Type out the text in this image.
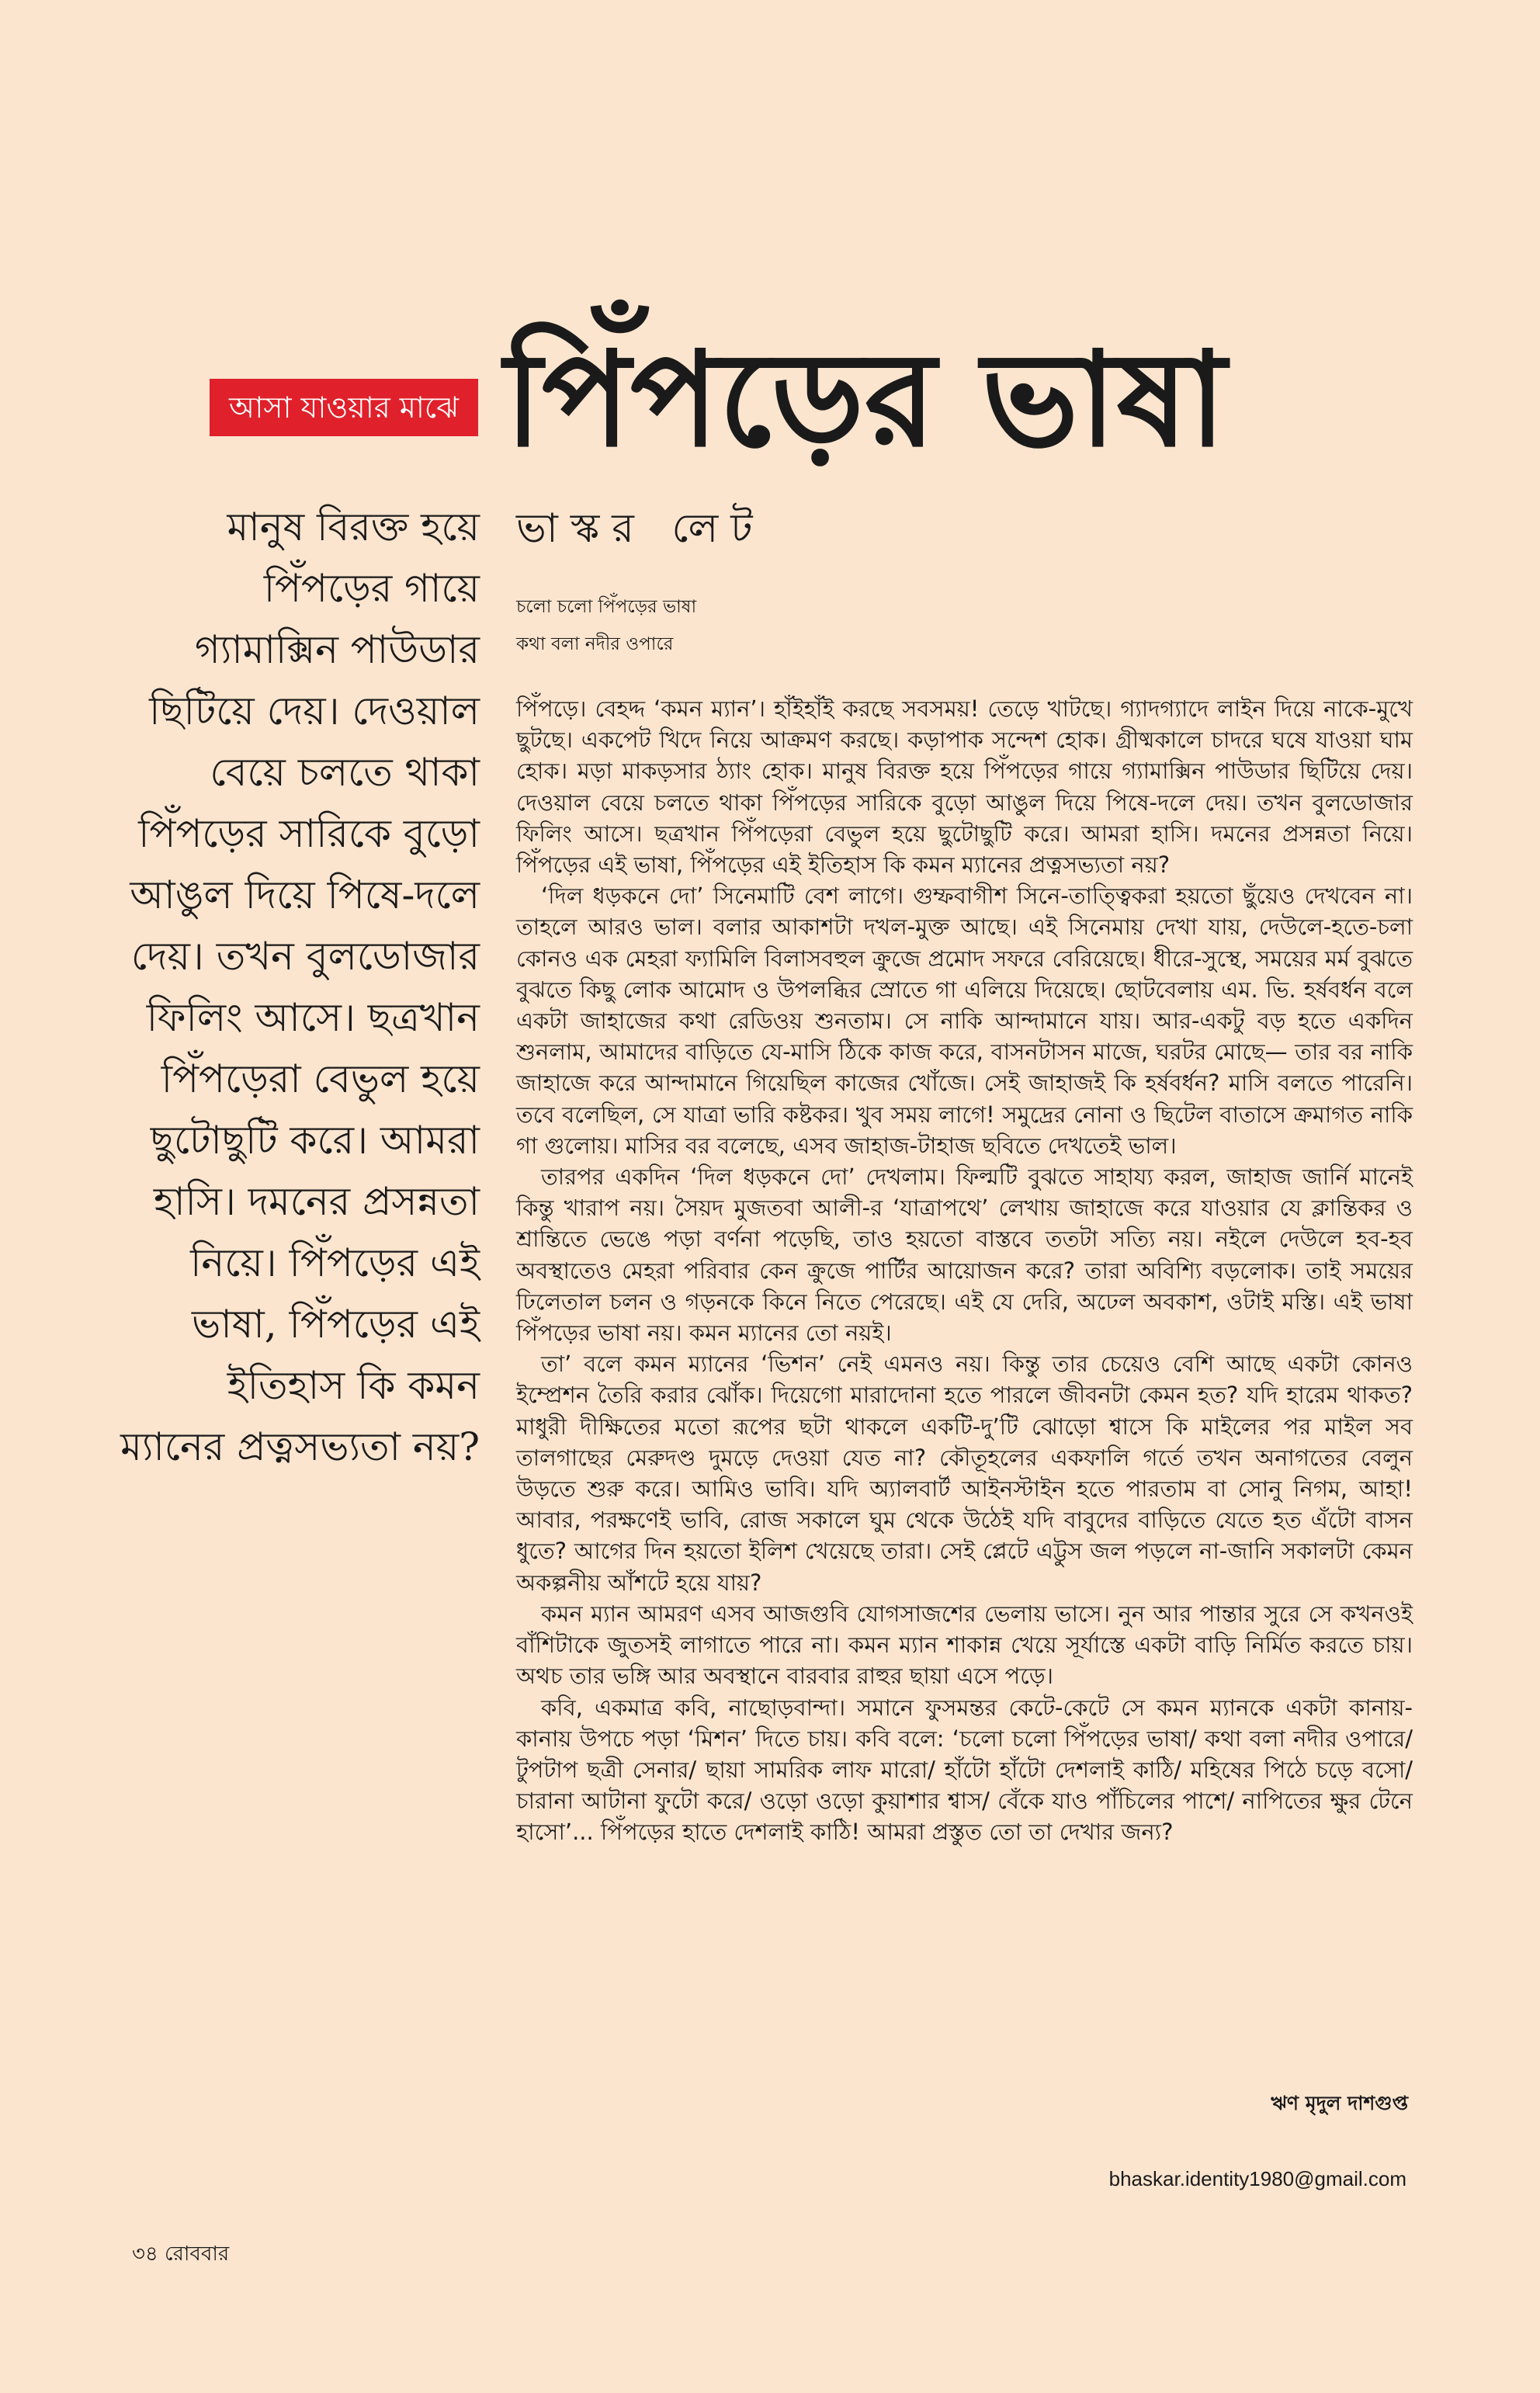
আসা যাওয়ার মাঝে পিঁপড়ের ভাষা
ভাস্কর লেট
চলো চলো পিঁপড়ের ভাষা
কথা বলা নদীর ওপারে
মানুষ বিরক্ত হয়ে পিঁপড়ের গায়ে গ্যামাক্সিন পাউডার ছিটিয়ে দেয়। দেওয়াল বেয়ে চলতে থাকা পিঁপড়ের সারিকে বুড়ো আঙুল দিয়ে পিষে-দলে দেয়। তখন বুলডোজার ফিলিং আসে। ছত্রখান পিঁপড়েরা বেভুল হয়ে ছুটোছুটি করে। আমরা হাসি। দমনের প্রসন্নতা নিয়ে। পিঁপড়ের এই ভাষা, পিঁপড়ের এই ইতিহাস কি কমন ম্যানের প্রত্নসভ্যতা নয়?

পিঁপড়ে। বেহদ্দ ‘কমন ম্যান’। হাঁইহাঁই করছে সবসময়! তেড়ে খাটছে। গ্যাদগ্যাদে লাইন দিয়ে নাকে-মুখে ছুটছে। একপেট খিদে নিয়ে আক্রমণ করছে। কড়াপাক সন্দেশ হোক। গ্রীষ্মকালে চাদরে ঘষে যাওয়া ঘাম হোক। মড়া মাকড়সার ঠ্যাং হোক। মানুষ বিরক্ত হয়ে পিঁপড়ের গায়ে গ্যামাক্সিন পাউডার ছিটিয়ে দেয়। দেওয়াল বেয়ে চলতে থাকা পিঁপড়ের সারিকে বুড়ো আঙুল দিয়ে পিষে-দলে দেয়। তখন বুলডোজার ফিলিং আসে। ছত্রখান পিঁপড়েরা বেভুল হয়ে ছুটোছুটি করে। আমরা হাসি। দমনের প্রসন্নতা নিয়ে। পিঁপড়ের এই ভাষা, পিঁপড়ের এই ইতিহাস কি কমন ম্যানের প্রত্নসভ্যতা নয়?

‘দিল ধড়কনে দো’ সিনেমাটি বেশ লাগে। গুম্ফবাগীশ সিনে-তাত্ত্বিকরা হয়তো ছুঁয়েও দেখবেন না। তাহলে আরও ভাল। বলার আকাশটা দখল-মুক্ত আছে। এই সিনেমায় দেখা যায়, দেউলে-হতে-চলা কোনও এক মেহরা ফ্যামিলি বিলাসবহুল ক্রুজে প্রমোদ সফরে বেরিয়েছে। ধীরে-সুস্থে, সময়ের মর্ম বুঝতে বুঝতে কিছু লোক আমোদ ও উপলব্ধির স্রোতে গা এলিয়ে দিয়েছে। ছোটবেলায় এম. ভি. হর্ষবর্ধন বলে একটা জাহাজের কথা রেডিওয় শুনতাম। সে নাকি আন্দামানে যায়। আর-একটু বড় হতে একদিন শুনলাম, আমাদের বাড়িতে যে-মাসি ঠিকে কাজ করে, বাসনটাসন মাজে, ঘরটর মোছে— তার বর নাকি জাহাজে করে আন্দামানে গিয়েছিল কাজের খোঁজে। সেই জাহাজই কি হর্ষবর্ধন? মাসি বলতে পারেনি। তবে বলেছিল, সে যাত্রা ভারি কষ্টকর। খুব সময় লাগে! সমুদ্রের নোনা ও ছিটেল বাতাসে ক্রমাগত নাকি গা গুলোয়। মাসির বর বলেছে, এসব জাহাজ-টাহাজ ছবিতে দেখতেই ভাল।

তারপর একদিন ‘দিল ধড়কনে দো’ দেখলাম। ফিল্মটি বুঝতে সাহায্য করল, জাহাজ জার্নি মানেই কিন্তু খারাপ নয়। সৈয়দ মুজতবা আলী-র ‘যাত্রাপথে’ লেখায় জাহাজে করে যাওয়ার যে ক্লান্তিকর ও শ্রান্তিতে ভেঙে পড়া বর্ণনা পড়েছি, তাও হয়তো বাস্তবে ততটা সত্যি নয়। নইলে দেউলে হব-হব অবস্থাতেও মেহরা পরিবার কেন ক্রুজে পার্টির আয়োজন করে? তারা অবিশ্যি বড়লোক। তাই সময়ের ঢিলেতাল চলন ও গড়নকে কিনে নিতে পেরেছে। এই যে দেরি, অঢেল অবকাশ, ওটাই মস্তি। এই ভাষা পিঁপড়ের ভাষা নয়। কমন ম্যানের তো নয়ই।

তা’ বলে কমন ম্যানের ‘ভিশন’ নেই এমনও নয়। কিন্তু তার চেয়েও বেশি আছে একটা কোনও ইম্প্রেশন তৈরি করার ঝোঁক। দিয়েগো মারাদোনা হতে পারলে জীবনটা কেমন হত? যদি হারেম থাকত? মাধুরী দীক্ষিতের মতো রূপের ছটা থাকলে একটি-দু’টি ঝোড়ো শ্বাসে কি মাইলের পর মাইল সব তালগাছের মেরুদণ্ড দুমড়ে দেওয়া যেত না? কৌতূহলের একফালি গর্তে তখন অনাগতের বেলুন উড়তে শুরু করে। আমিও ভাবি। যদি অ্যালবার্ট আইনস্টাইন হতে পারতাম বা সোনু নিগম, আহা! আবার, পরক্ষণেই ভাবি, রোজ সকালে ঘুম থেকে উঠেই যদি বাবুদের বাড়িতে যেতে হত এঁটো বাসন ধুতে? আগের দিন হয়তো ইলিশ খেয়েছে তারা। সেই প্লেটে এট্টুস জল পড়লে না-জানি সকালটা কেমন অকল্পনীয় আঁশটে হয়ে যায়?

কমন ম্যান আমরণ এসব আজগুবি যোগসাজশের ভেলায় ভাসে। নুন আর পান্তার সুরে সে কখনওই বাঁশিটাকে জুতসই লাগাতে পারে না। কমন ম্যান শাকান্ন খেয়ে সূর্যাস্তে একটা বাড়ি নির্মিত করতে চায়। অথচ তার ভঙ্গি আর অবস্থানে বারবার রাহুর ছায়া এসে পড়ে।

কবি, একমাত্র কবি, নাছোড়বান্দা। সমানে ফুসমন্তর কেটে-কেটে সে কমন ম্যানকে একটা কানায়-কানায় উপচে পড়া ‘মিশন’ দিতে চায়। কবি বলে: ‘চলো চলো পিঁপড়ের ভাষা/ কথা বলা নদীর ওপারে/ টুপটাপ ছত্রী সেনার/ ছায়া সামরিক লাফ মারো/ হাঁটো হাঁটো দেশলাই কাঠি/ মহিষের পিঠে চড়ে বসো/ চারানা আটানা ফুটো করে/ ওড়ো ওড়ো কুয়াশার শ্বাস/ বেঁকে যাও পাঁচিলের পাশে/ নাপিতের ক্ষুর টেনে হাসো’... পিঁপড়ের হাতে দেশলাই কাঠি! আমরা প্রস্তুত তো তা দেখার জন্য?

ঋণ মৃদুল দাশগুপ্ত
bhaskar.identity1980@gmail.com
৩৪ রোববার
